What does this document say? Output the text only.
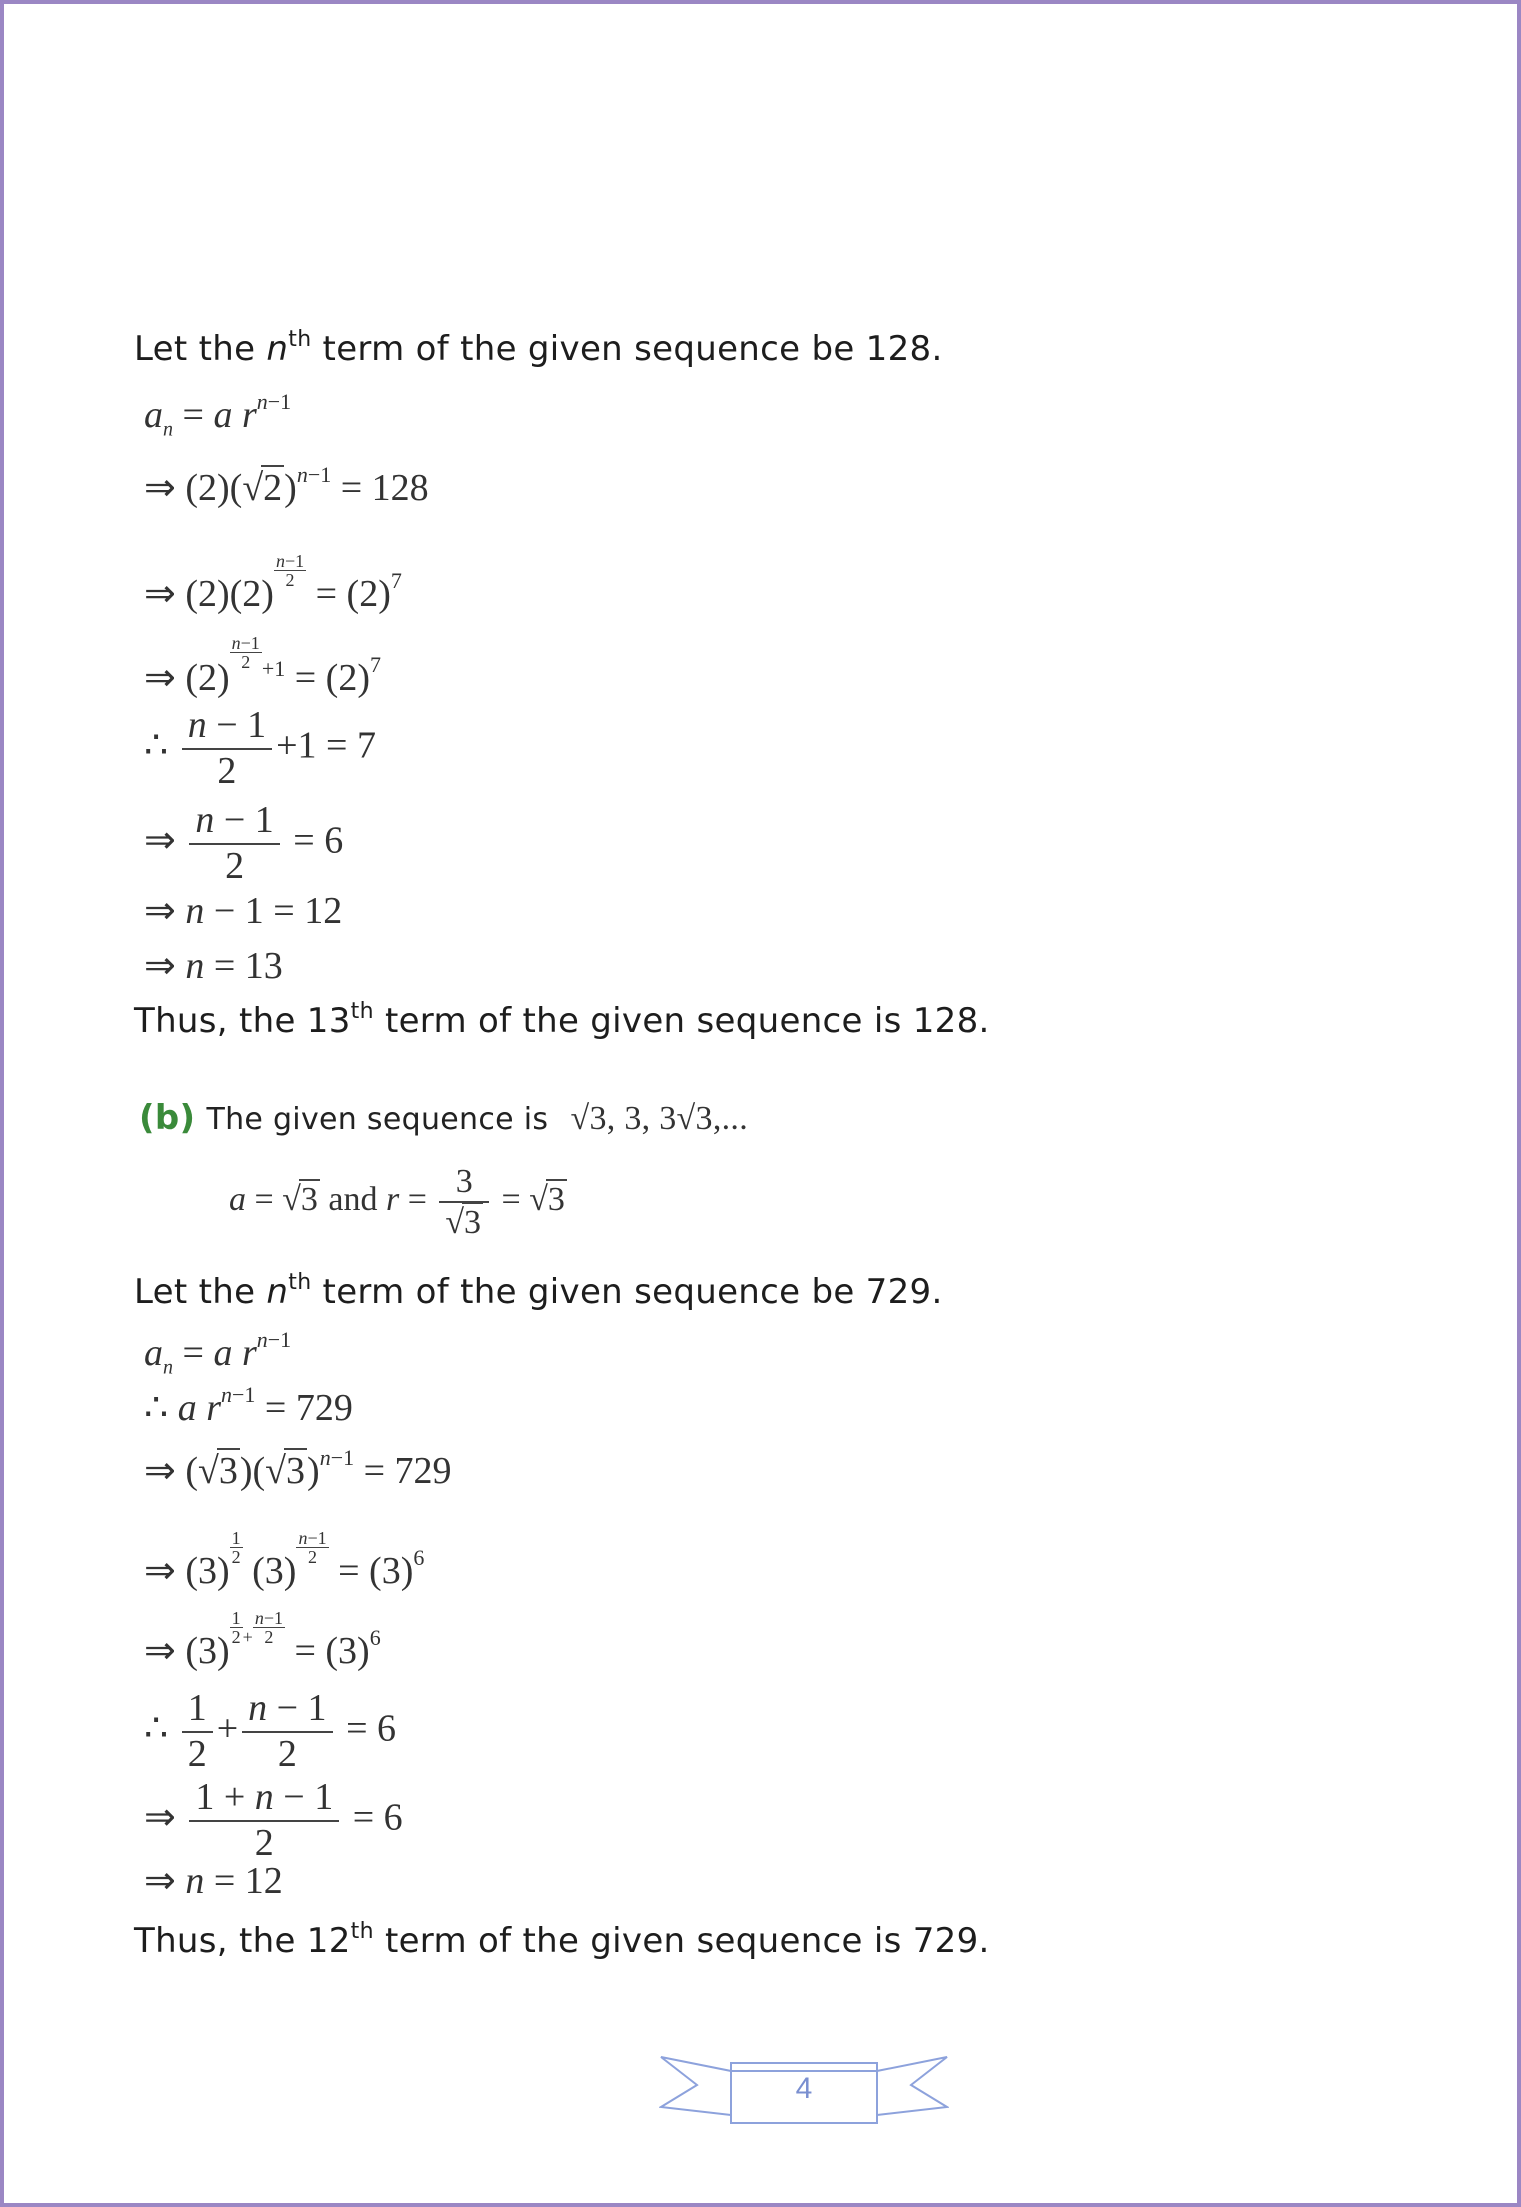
Let the $n^{th}$ term of the given sequence be 128.
$a_n = a$ $r^{n-1}$
⇒ $(2)(√2)^{n-1} = 128$
⇒ (2)(2)
$\frac{n-1}{2}$
= $(2)^7$
⇒ (2)
$\frac{n-1}{2} ^{+1} = (2)^7$
∴ $\frac{n - 1}{2} +1 = 7$
⇒ $\frac{n - 1}{2} = 6$
⇒ n − 1 = 12
⇒ n = 13
Thus, the 13th term of the given sequence is 128.
(b) The given sequence is √3, 3, 3√3,...
a = √3 and $r = \frac{3}{√3} = √3$
Let the $n^{th}$ term of the given sequence be 729.
$a_n = a$ $r^{n-1}$
∴ a $r^{n-1} = 729$
⇒ $(√3)(√3)^{n-1} = 729$
⇒ (3)
$\frac{1}{2}$
(3)
$\frac{n-1}{2}$
= $(3)^6$
⇒ (3)
$\frac{1}{2} ^+ \frac{n-1}{2}$
= $(3)^6$
∴ $\frac{1}{2} + \frac{n - 1}{2} = 6$
⇒ $\frac{1 + n - 1}{2} = 6$
⇒ n = 12
Thus, the 12th term of the given sequence is 729.
4
